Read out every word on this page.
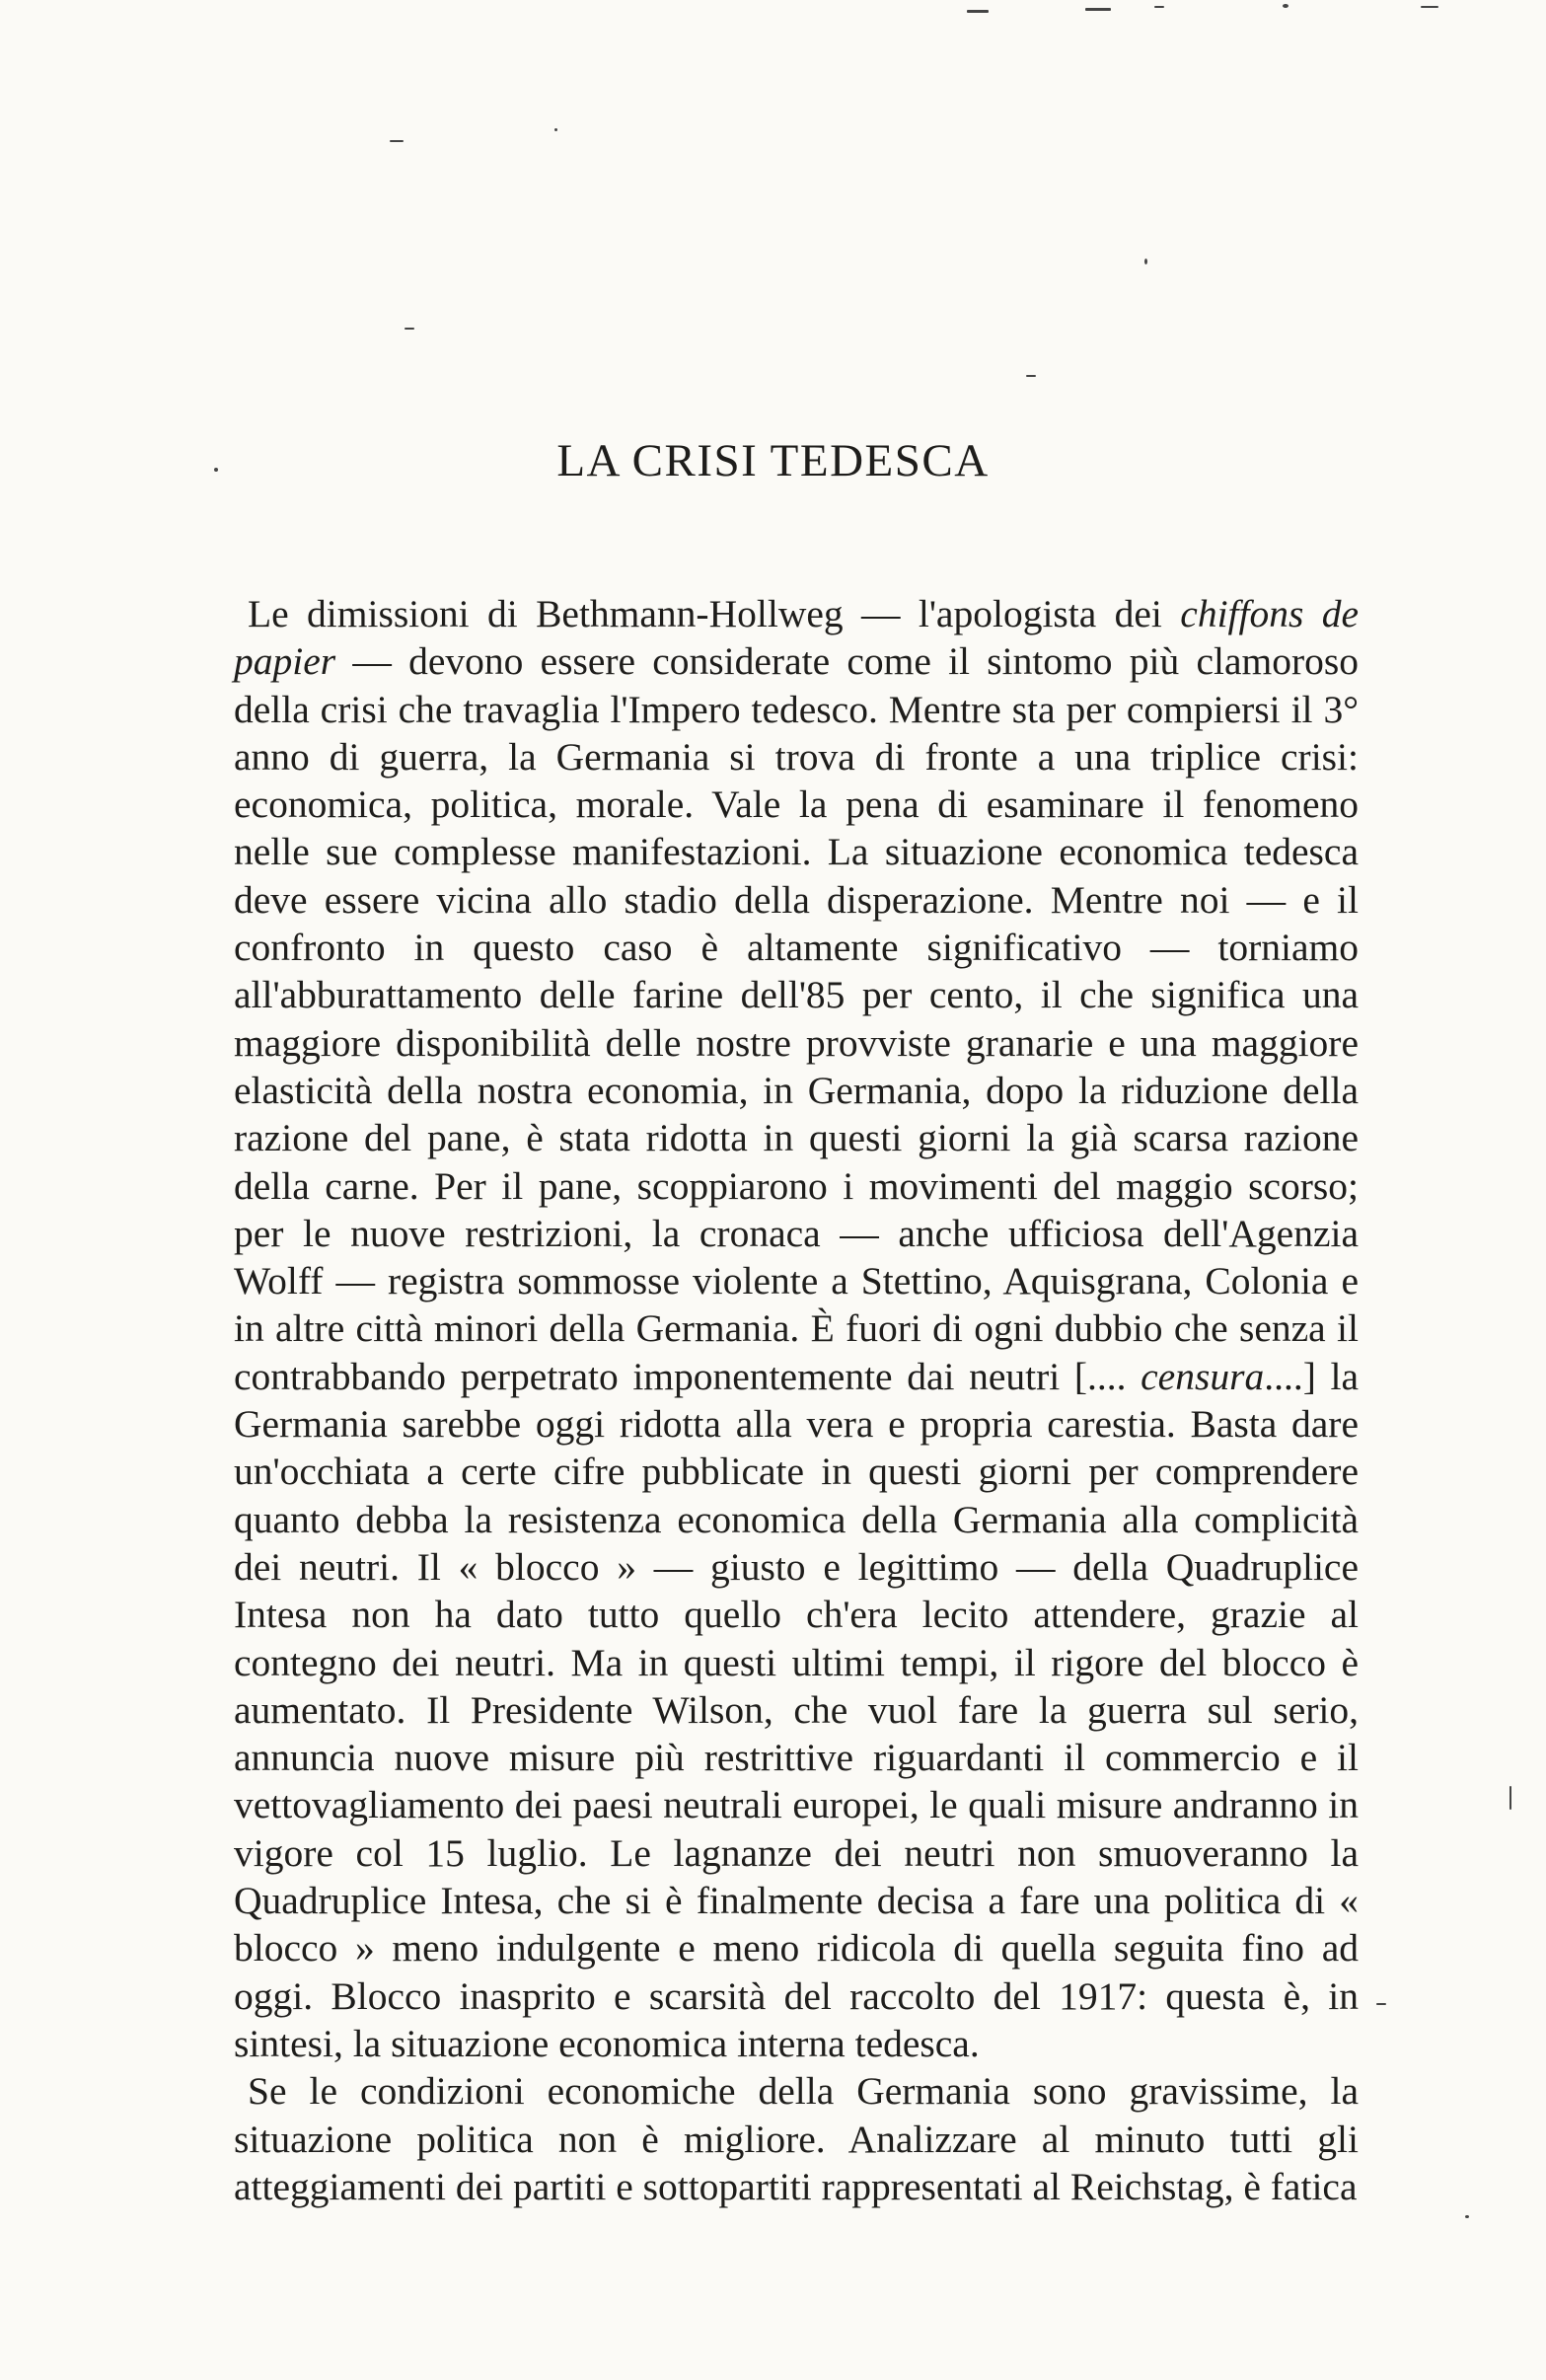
LA CRISI TEDESCA

Le dimissioni di Bethmann-Hollweg — l'apologista dei chiffons de papier — devono essere considerate come il sintomo più clamoroso della crisi che travaglia l'Impero tedesco. Mentre sta per compiersi il 3° anno di guerra, la Germania si trova di fronte a una triplice crisi: economica, politica, morale. Vale la pena di esaminare il fenomeno nelle sue complesse manifestazioni. La situazione economica tedesca deve essere vicina allo stadio della disperazione. Mentre noi — e il confronto in questo caso è altamente significativo — torniamo all'abburattamento delle farine dell'85 per cento, il che significa una maggiore disponibilità delle nostre provviste granarie e una maggiore elasticità della nostra economia, in Germania, dopo la riduzione della razione del pane, è stata ridotta in questi giorni la già scarsa razione della carne. Per il pane, scoppiarono i movimenti del maggio scorso; per le nuove restrizioni, la cronaca — anche ufficiosa dell'Agenzia Wolff — registra sommosse violente a Stettino, Aquisgrana, Colonia e in altre città minori della Germania. È fuori di ogni dubbio che senza il contrabbando perpetrato imponentemente dai neutri [.... censura....] la Germania sarebbe oggi ridotta alla vera e propria carestia. Basta dare un'occhiata a certe cifre pubblicate in questi giorni per comprendere quanto debba la resistenza economica della Germania alla complicità dei neutri. Il « blocco » — giusto e legittimo — della Quadruplice Intesa non ha dato tutto quello ch'era lecito attendere, grazie al contegno dei neutri. Ma in questi ultimi tempi, il rigore del blocco è aumentato. Il Presidente Wilson, che vuol fare la guerra sul serio, annuncia nuove misure più restrittive riguardanti il commercio e il vettovagliamento dei paesi neutrali europei, le quali misure andranno in vigore col 15 luglio. Le lagnanze dei neutri non smuoveranno la Quadruplice Intesa, che si è finalmente decisa a fare una politica di « blocco » meno indulgente e meno ridicola di quella seguita fino ad oggi. Blocco inasprito e scarsità del raccolto del 1917: questa è, in sintesi, la situazione economica interna tedesca.

Se le condizioni economiche della Germania sono gravissime, la situazione politica non è migliore. Analizzare al minuto tutti gli atteggiamenti dei partiti e sottopartiti rappresentati al Reichstag, è fatica
